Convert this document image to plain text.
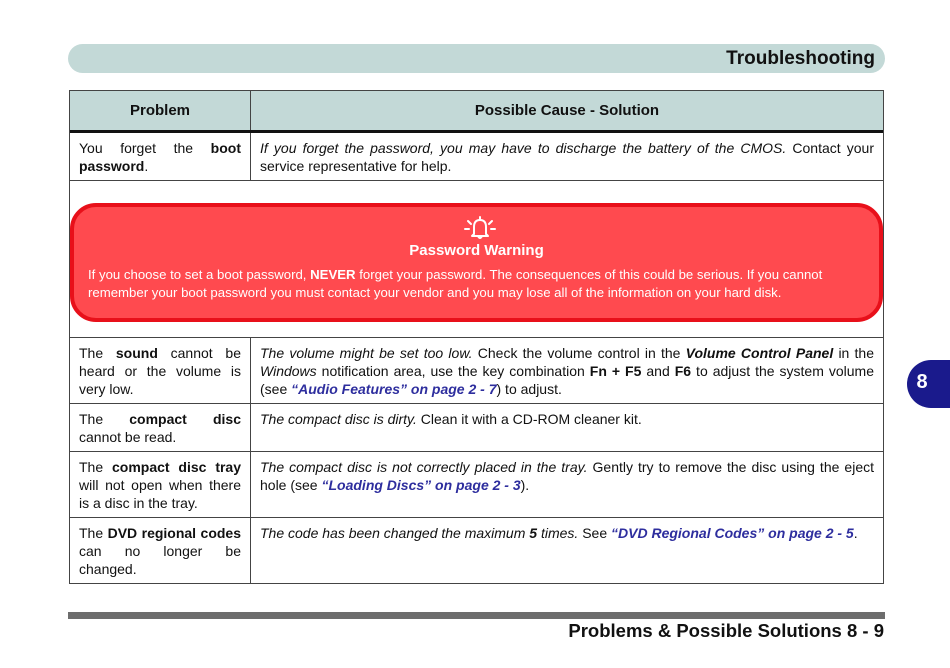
Troubleshooting
Problem	Possible Cause - Solution
You forget the boot password.
If you forget the password, you may have to discharge the battery of the CMOS. Contact your service representative for help.
Password Warning
If you choose to set a boot password, NEVER forget your password. The consequences of this could be serious. If you cannot remember your boot password you must contact your vendor and you may lose all of the information on your hard disk.
The sound cannot be heard or the volume is very low.
The volume might be set too low. Check the volume control in the Volume Control Panel in the Windows notification area, use the key combination Fn + F5 and F6 to adjust the system volume (see “Audio Features” on page 2 - 7) to adjust.
The compact disc cannot be read.
The compact disc is dirty. Clean it with a CD-ROM cleaner kit.
The compact disc tray will not open when there is a disc in the tray.
The compact disc is not correctly placed in the tray. Gently try to remove the disc using the eject hole (see “Loading Discs” on page 2 - 3).
The DVD regional codes can no longer be changed.
The code has been changed the maximum 5 times. See “DVD Regional Codes” on page 2 - 5.
Problems & Possible Solutions 8 - 9
8
